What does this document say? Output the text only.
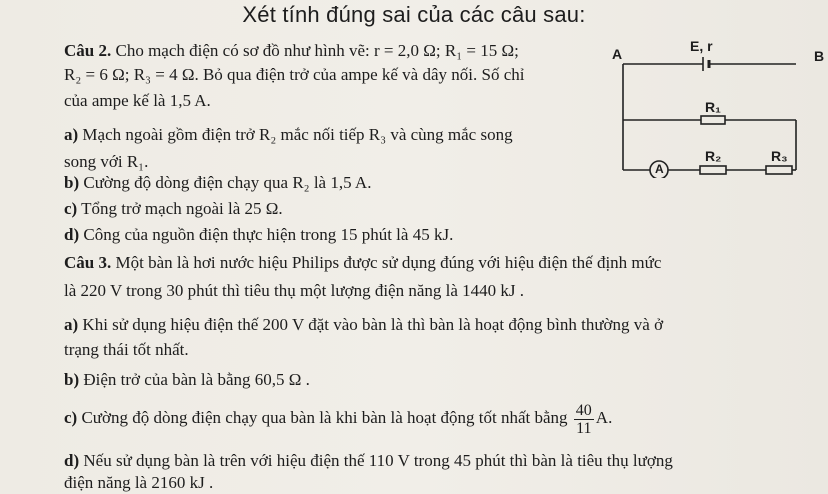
Xét tính đúng sai của các câu sau:
Câu 2. Cho mạch điện có sơ đồ như hình vẽ: r = 2,0 Ω; R₁ = 15 Ω;
R₂ = 6 Ω; R₃ = 4 Ω. Bỏ qua điện trở của ampe kế và dây nối. Số chỉ
của ampe kế là 1,5 A.
a) Mạch ngoài gồm điện trở R₂ mắc nối tiếp R₃ và cùng mắc song
song với R₁.
b) Cường độ dòng điện chạy qua R₂ là 1,5 A.
c) Tổng trở mạch ngoài là 25 Ω.
d) Công của nguồn điện thực hiện trong 15 phút là 45 kJ.
A	B
E, r
R₁
R₂	R₃
A
Câu 3. Một bàn là hơi nước hiệu Philips được sử dụng đúng với hiệu điện thế định mức
là 220 V trong 30 phút thì tiêu thụ một lượng điện năng là 1440 kJ .
a) Khi sử dụng hiệu điện thế 200 V đặt vào bàn là thì bàn là hoạt động bình thường và ở
trạng thái tốt nhất.
b) Điện trở của bàn là bằng 60,5 Ω .
c) Cường độ dòng điện chạy qua bàn là khi bàn là hoạt động tốt nhất bằng $\frac{40}{11} A$.
d) Nếu sử dụng bàn là trên với hiệu điện thế 110 V trong 45 phút thì bàn là tiêu thụ lượng
điện năng là 2160 kJ .
